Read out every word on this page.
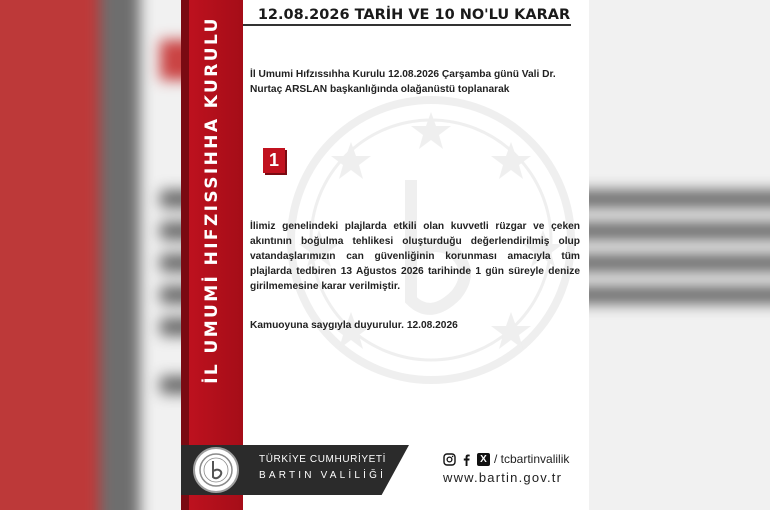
İL UMUMİ HIFZISSIHHA KURULU
12.08.2026 TARİH VE 10 NO'LU KARAR
İl Umumi Hıfzıssıhha Kurulu 12.08.2026 Çarşamba günü Vali Dr. Nurtaç ARSLAN başkanlığında olağanüstü toplanarak
1
İlimiz genelindeki plajlarda etkili olan kuvvetli rüzgar ve çeken akıntının boğulma tehlikesi oluşturduğu değerlendirilmiş olup vatandaşlarımızın can güvenliğinin korunması amacıyla tüm plajlarda tedbiren 13 Ağustos 2026 tarihinde 1 gün süreyle denize girilmemesine karar verilmiştir.
Kamuoyuna saygıyla duyurulur. 12.08.2026
TÜRKİYE CUMHURİYETİ
BARTIN VALİLİĞİ
X / tcbartinvalilik
www.bartin.gov.tr
